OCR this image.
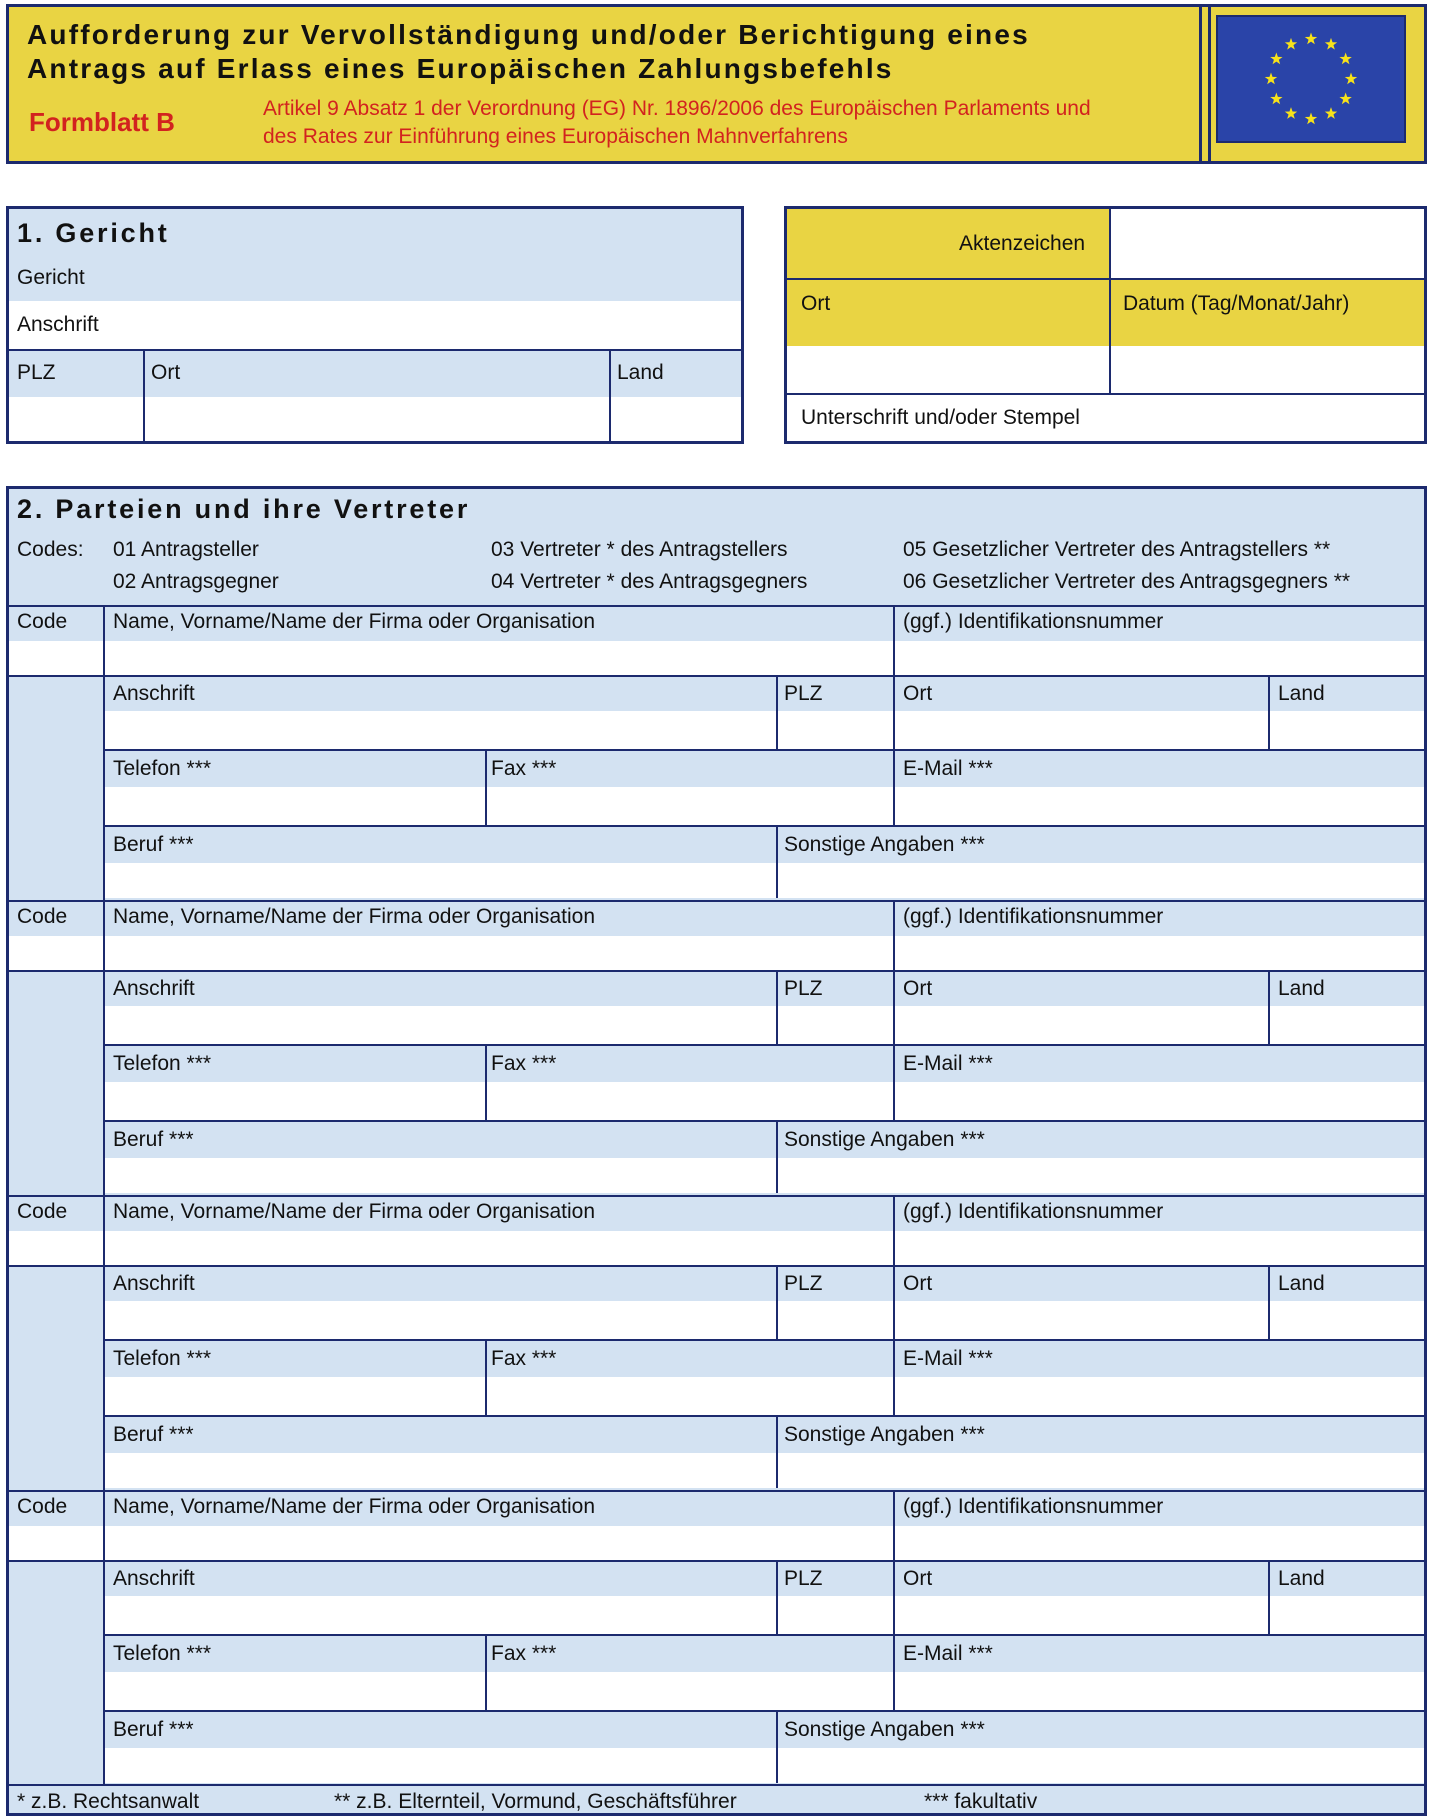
Aufforderung zur Vervollständigung und/oder Berichtigung eines
Antrags auf Erlass eines Europäischen Zahlungsbefehls
Formblatt B	Artikel 9 Absatz 1 der Verordnung (EG) Nr. 1896/2006 des Europäischen Parlaments und
des Rates zur Einführung eines Europäischen Mahnverfahrens
1. Gericht
Gericht
Anschrift
PLZ	Ort	Land
Aktenzeichen
Ort	Datum (Tag/Monat/Jahr)
Unterschrift und/oder Stempel
2. Parteien und ihre Vertreter
Codes: 01 Antragsteller
02 Antragsgegner
03 Vertreter * des Antragstellers
04 Vertreter * des Antragsgegners
05 Gesetzlicher Vertreter des Antragstellers **
06 Gesetzlicher Vertreter des Antragsgegners **
Code Name, Vorname/Name der Firma oder Organisation	(ggf.) Identifikationsnummer
Anschrift	PLZ	Ort	Land
Telefon ***	Fax ***	E-Mail ***
Beruf ***	Sonstige Angaben ***
Code Name, Vorname/Name der Firma oder Organisation	(ggf.) Identifikationsnummer
Anschrift	PLZ	Ort	Land
Telefon ***	Fax ***	E-Mail ***
Beruf ***	Sonstige Angaben ***
Code Name, Vorname/Name der Firma oder Organisation	(ggf.) Identifikationsnummer
Anschrift	PLZ	Ort	Land
Telefon ***	Fax ***	E-Mail ***
Beruf ***	Sonstige Angaben ***
Code Name, Vorname/Name der Firma oder Organisation	(ggf.) Identifikationsnummer
Anschrift	PLZ	Ort	Land
Telefon ***	Fax ***	E-Mail ***
Beruf ***	Sonstige Angaben ***
* z.B. Rechtsanwalt	** z.B. Elternteil, Vormund, Geschäftsführer	*** fakultativ
